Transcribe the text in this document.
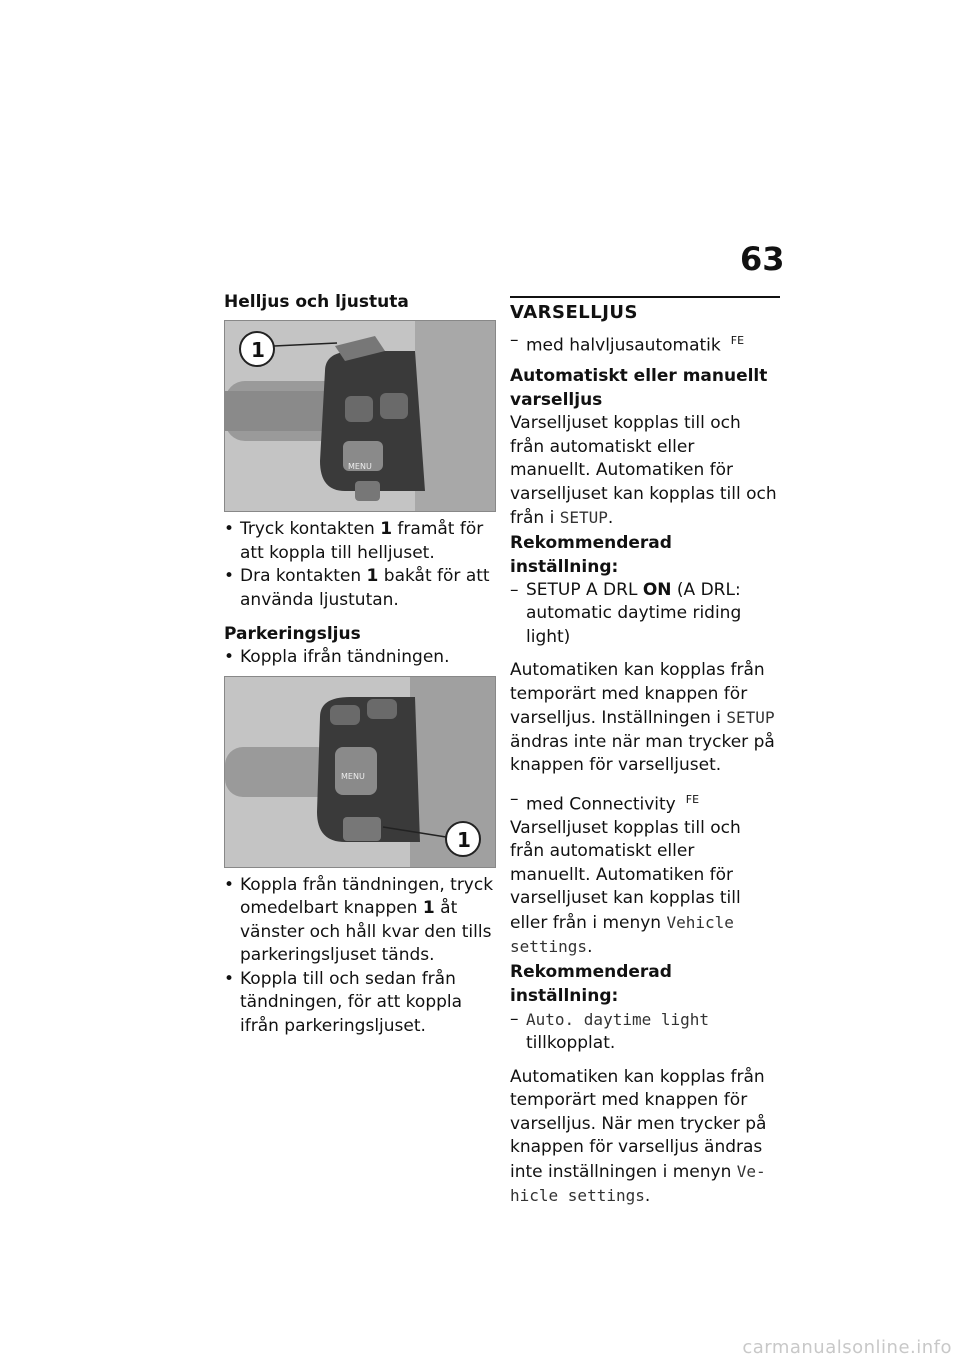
63

Helljus och ljustuta

MENU
1

• Tryck kontakten 1 framåt för att koppla till helljuset.

• Dra kontakten 1 bakåt för att använda ljustutan.

Parkeringsljus

• Koppla ifrån tändningen.

MENU
1

• Koppla från tändningen, tryck omedelbart knappen 1 åt vänster och håll kvar den tills parkeringsljuset tänds.

• Koppla till och sedan från tändningen, för att koppla ifrån parkeringsljuset.

VARSELLJUS

– med halvljusautomatik $^{FE}$

Automatiskt eller manuellt varselljus

Varselljuset kopplas till och från automatiskt eller manuellt. Automatiken för varselljuset kan kopplas till och från i SETUP.

Rekommenderad inställning:

– SETUP A DRL ON (A DRL: automatic daytime riding light)

Automatiken kan kopplas från temporärt med knappen för varselljus. Inställningen i SETUP ändras inte när man trycker på knappen för varselljuset.

– med Connectivity $^{FE}$

Varselljuset kopplas till och från automatiskt eller manuellt. Automatiken för varselljuset kan kopplas till eller från i menyn Vehicle settings.

Rekommenderad inställning:

– Auto. daytime light
tillkopplat.

Automatiken kan kopplas från temporärt med knappen för varselljus. När men trycker på knappen för varselljus ändras inte inställningen i menyn Ve-hicle settings.

carmanualsonline.info
